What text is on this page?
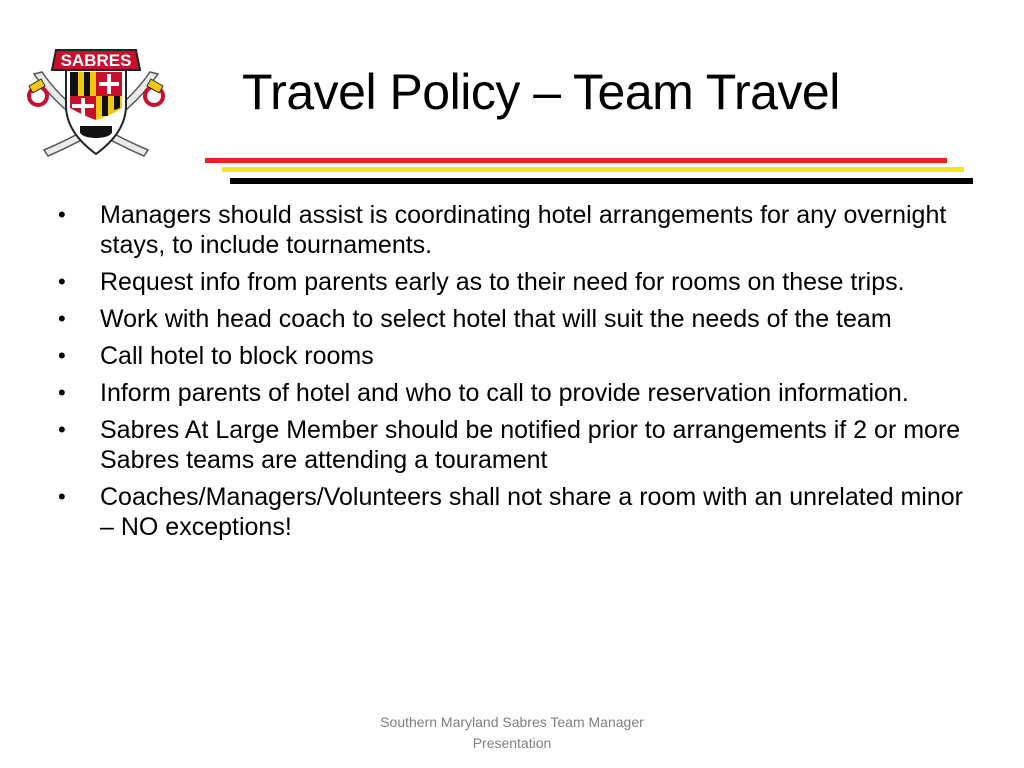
SABRES
Travel Policy – Team Travel
• Managers should assist is coordinating hotel arrangements for any overnight stays, to include tournaments.
• Request info from parents early as to their need for rooms on these trips.
• Work with head coach to select hotel that will suit the needs of the team
• Call hotel to block rooms
• Inform parents of hotel and who to call to provide reservation information.
• Sabres At Large Member should be notified prior to arrangements if 2 or more Sabres teams are attending a tourament
• Coaches/Managers/Volunteers shall not share a room with an unrelated minor – NO exceptions!
Southern Maryland Sabres Team Manager Presentation
